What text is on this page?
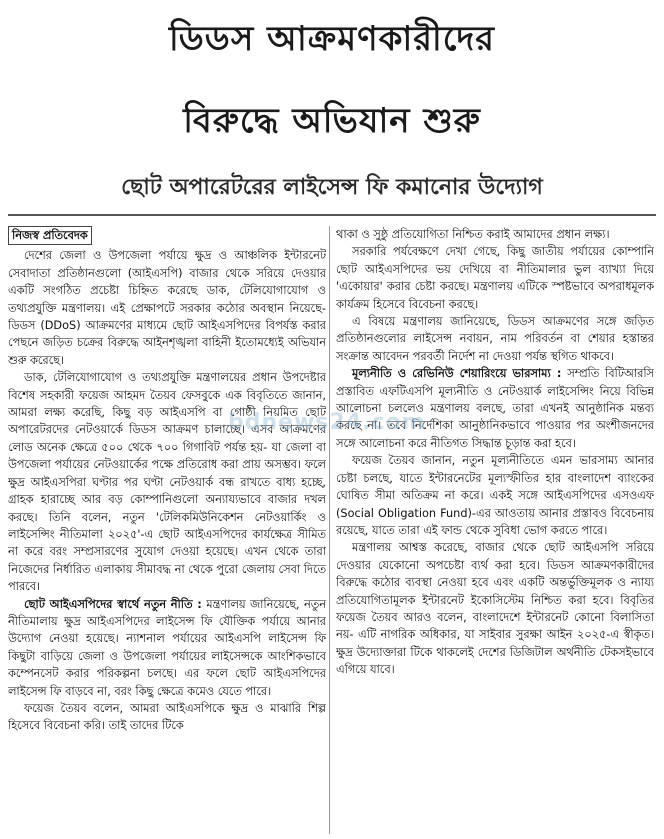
ডিডস আক্রমণকারীদের
বিরুদ্ধে অভিযান শুরু
ছোট অপারেটরের লাইসেন্স ফি কমানোর উদ্যোগ
নিজস্ব প্রতিবেদক

দেশের জেলা ও উপজেলা পর্যায়ে ক্ষুদ্র ও আঞ্চলিক ইন্টারনেট সেবাদাতা প্রতিষ্ঠানগুলো (আইএসপি) বাজার থেকে সরিয়ে দেওয়ার একটি সংগঠিত প্রচেষ্টা চিহ্নিত করেছে ডাক, টেলিযোগাযোগ ও তথ্যপ্রযুক্তি মন্ত্রণালয়। এই প্রেক্ষাপটে সরকার কঠোর অবস্থান নিয়েছে-ডিডস (DDoS) আক্রমণের মাধ্যমে ছোট আইএসপিদের বিপর্যস্ত করার পেছনে জড়িত চক্রের বিরুদ্ধে আইনশৃঙ্খলা বাহিনী ইতোমধ্যেই অভিযান শুরু করেছে।

ডাক, টেলিযোগাযোগ ও তথ্যপ্রযুক্তি মন্ত্রণালয়ের প্রধান উপদেষ্টার বিশেষ সহকারী ফয়েজ আহমদ তৈয়ব ফেসবুকে এক বিবৃতিতে জানান, আমরা লক্ষ্য করেছি, কিছু বড় আইএসপি বা গোষ্ঠী নিয়মিত ছোট অপারেটরদের নেটওয়ার্কে ডিডস আক্রমণ চালাচ্ছে। এসব আক্রমণের লোড অনেক ক্ষেত্রে ৫০০ থেকে ৭০০ গিগাবিট পর্যন্ত হয়- যা জেলা বা উপজেলা পর্যায়ের নেটওয়ার্কের পক্ষে প্রতিরোধ করা প্রায় অসম্ভব। ফলে ক্ষুদ্র আইএসপিরা ঘণ্টার পর ঘণ্টা নেটওয়ার্ক বন্ধ রাখতে বাধ্য হচ্ছে, গ্রাহক হারাচ্ছে আর বড় কোম্পানিগুলো অন্যায্যভাবে বাজার দখল করছে। তিনি বলেন, নতুন 'টেলিকমিউনিকেশন নেটওয়ার্কিং ও লাইসেন্সিং নীতিমালা ২০২৫'-এ ছোট আইএসপিদের কার্যক্ষেত্র সীমিত না করে বরং সম্প্রসারণের সুযোগ দেওয়া হয়েছে। এখন থেকে তারা নিজেদের নির্ধারিত এলাকায় সীমাবদ্ধ না থেকে পুরো জেলায় সেবা দিতে পারবে।

ছোট আইএসপিদের স্বার্থে নতুন নীতি : মন্ত্রণালয় জানিয়েছে, নতুন নীতিমালায় ক্ষুদ্র আইএসপিদের লাইসেন্স ফি যৌক্তিক পর্যায়ে আনার উদ্যোগ নেওয়া হয়েছে। ন্যাশনাল পর্যায়ের আইএসপি লাইসেন্স ফি কিছুটা বাড়িয়ে জেলা ও উপজেলা পর্যায়ের লাইসেন্সকে আংশিকভাবে কম্পেনসেট করার পরিকল্পনা চলছে। এর ফলে ছোট আইএসপিদের লাইসেন্স ফি বাড়বে না, বরং কিছু ক্ষেত্রে কমেও যেতে পারে।

ফয়েজ তৈয়ব বলেন, আমরা আইএসপিকে ক্ষুদ্র ও মাঝারি শিল্প হিসেবে বিবেচনা করি। তাই তাদের টিকে

থাকা ও সুষ্ঠু প্রতিযোগিতা নিশ্চিত করাই আমাদের প্রধান লক্ষ্য।

সরকারি পর্যবেক্ষণে দেখা গেছে, কিছু জাতীয় পর্যায়ের কোম্পানি ছোট আইএসপিদের ভয় দেখিয়ে বা নীতিমালার ভুল ব্যাখ্যা দিয়ে 'একোয়ার' করার চেষ্টা করছে। মন্ত্রণালয় এটিকে স্পষ্টভাবে অপরাধমূলক কার্যক্রম হিসেবে বিবেচনা করছে।

এ বিষয়ে মন্ত্রণালয় জানিয়েছে, ডিডস আক্রমণের সঙ্গে জড়িত প্রতিষ্ঠানগুলোর লাইসেন্স নবায়ন, নাম পরিবর্তন বা শেয়ার হস্তান্তর সংক্রান্ত আবেদন পরবর্তী নির্দেশ না দেওয়া পর্যন্ত স্থগিত থাকবে।

মূল্যনীতি ও রেভিনিউ শেয়ারিংয়ে ভারসাম্য : সম্প্রতি বিটিআরসি প্রস্তাবিত এফটিএসপি মূল্যনীতি ও নেটওয়ার্ক লাইসেন্সিং নিয়ে বিভিন্ন আলোচনা চললেও মন্ত্রণালয় বলছে, তারা এখনই আনুষ্ঠানিক মন্তব্য করছে না। তবে নির্দেশিকা আনুষ্ঠানিকভাবে পাওয়ার পর অংশীজনদের সঙ্গে আলোচনা করে নীতিগত সিদ্ধান্ত চূড়ান্ত করা হবে।

ফয়েজ তৈয়ব জানান, নতুন মূল্যনীতিতে এমন ভারসাম্য আনার চেষ্টা চলছে, যাতে ইন্টারনেটের মূল্যস্ফীতির হার বাংলাদেশ ব্যাংকের ঘোষিত সীমা অতিক্রম না করে। একই সঙ্গে আইএসপিদের এসওএফ (Social Obligation Fund)-এর আওতায় আনার প্রস্তাবও বিবেচনায় রয়েছে, যাতে তারা এই ফান্ড থেকে সুবিধা ভোগ করতে পারে।

মন্ত্রণালয় আশ্বস্ত করেছে, বাজার থেকে ছোট আইএসপি সরিয়ে দেওয়ার যেকোনো অপচেষ্টা ব্যর্থ করা হবে। ডিডস আক্রমণকারীদের বিরুদ্ধে কঠোর ব্যবস্থা নেওয়া হবে এবং একটি অন্তর্ভুক্তিমূলক ও ন্যায্য প্রতিযোগিতামূলক ইন্টারনেট ইকোসিস্টেম নিশ্চিত করা হবে। বিবৃতির ফয়েজ তৈয়ব আরও বলেন, বাংলাদেশে ইন্টারনেট কোনো বিলাসিতা নয়- এটি নাগরিক অধিকার, যা সাইবার সুরক্ষা আইন ২০২৫-এ স্বীকৃত। ক্ষুদ্র উদ্যোক্তারা টিকে থাকলেই দেশের ডিজিটাল অর্থনীতি টেকসইভাবে এগিয়ে যাবে।

bdnews24.com
